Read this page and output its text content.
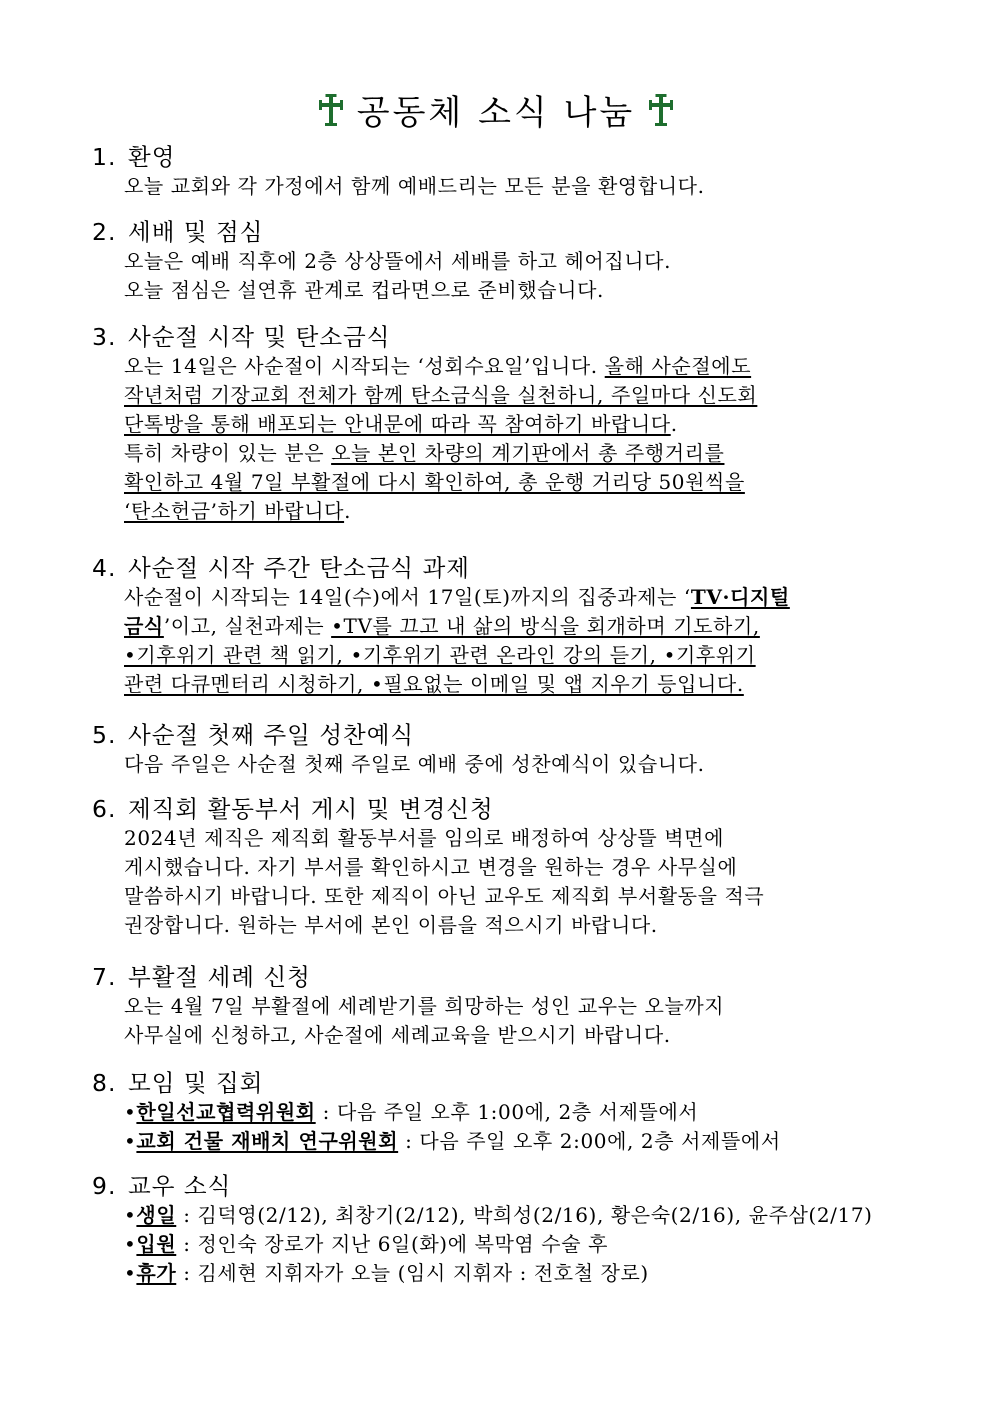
공동체 소식 나눔
1. 환영
오늘 교회와 각 가정에서 함께 예배드리는 모든 분을 환영합니다.
2. 세배 및 점심
오늘은 예배 직후에 2층 상상뜰에서 세배를 하고 헤어집니다.
오늘 점심은 설연휴 관계로 컵라면으로 준비했습니다.
3. 사순절 시작 및 탄소금식
오는 14일은 사순절이 시작되는 ‘성회수요일’입니다. 올해 사순절에도
작년처럼 기장교회 전체가 함께 탄소금식을 실천하니, 주일마다 신도회
단톡방을 통해 배포되는 안내문에 따라 꼭 참여하기 바랍니다.
특히 차량이 있는 분은 오늘 본인 차량의 계기판에서 총 주행거리를
확인하고 4월 7일 부활절에 다시 확인하여, 총 운행 거리당 50원씩을
‘탄소헌금’하기 바랍니다.
4. 사순절 시작 주간 탄소금식 과제
사순절이 시작되는 14일(수)에서 17일(토)까지의 집중과제는 ‘TV·디지털
금식’이고, 실천과제는 •TV를 끄고 내 삶의 방식을 회개하며 기도하기,
•기후위기 관련 책 읽기, •기후위기 관련 온라인 강의 듣기, •기후위기
관련 다큐멘터리 시청하기, •필요없는 이메일 및 앱 지우기 등입니다.
5. 사순절 첫째 주일 성찬예식
다음 주일은 사순절 첫째 주일로 예배 중에 성찬예식이 있습니다.
6. 제직회 활동부서 게시 및 변경신청
2024년 제직은 제직회 활동부서를 임의로 배정하여 상상뜰 벽면에
게시했습니다. 자기 부서를 확인하시고 변경을 원하는 경우 사무실에
말씀하시기 바랍니다. 또한 제직이 아닌 교우도 제직회 부서활동을 적극
권장합니다. 원하는 부서에 본인 이름을 적으시기 바랍니다.
7. 부활절 세례 신청
오는 4월 7일 부활절에 세례받기를 희망하는 성인 교우는 오늘까지
사무실에 신청하고, 사순절에 세례교육을 받으시기 바랍니다.
8. 모임 및 집회
•한일선교협력위원회 : 다음 주일 오후 1:00에, 2층 서제뜰에서
•교회 건물 재배치 연구위원회 : 다음 주일 오후 2:00에, 2층 서제뜰에서
9. 교우 소식
•생일 : 김덕영(2/12), 최창기(2/12), 박희성(2/16), 황은숙(2/16), 윤주삼(2/17)
•입원 : 정인숙 장로가 지난 6일(화)에 복막염 수술 후
•휴가 : 김세현 지휘자가 오늘 (임시 지휘자 : 전호철 장로)
